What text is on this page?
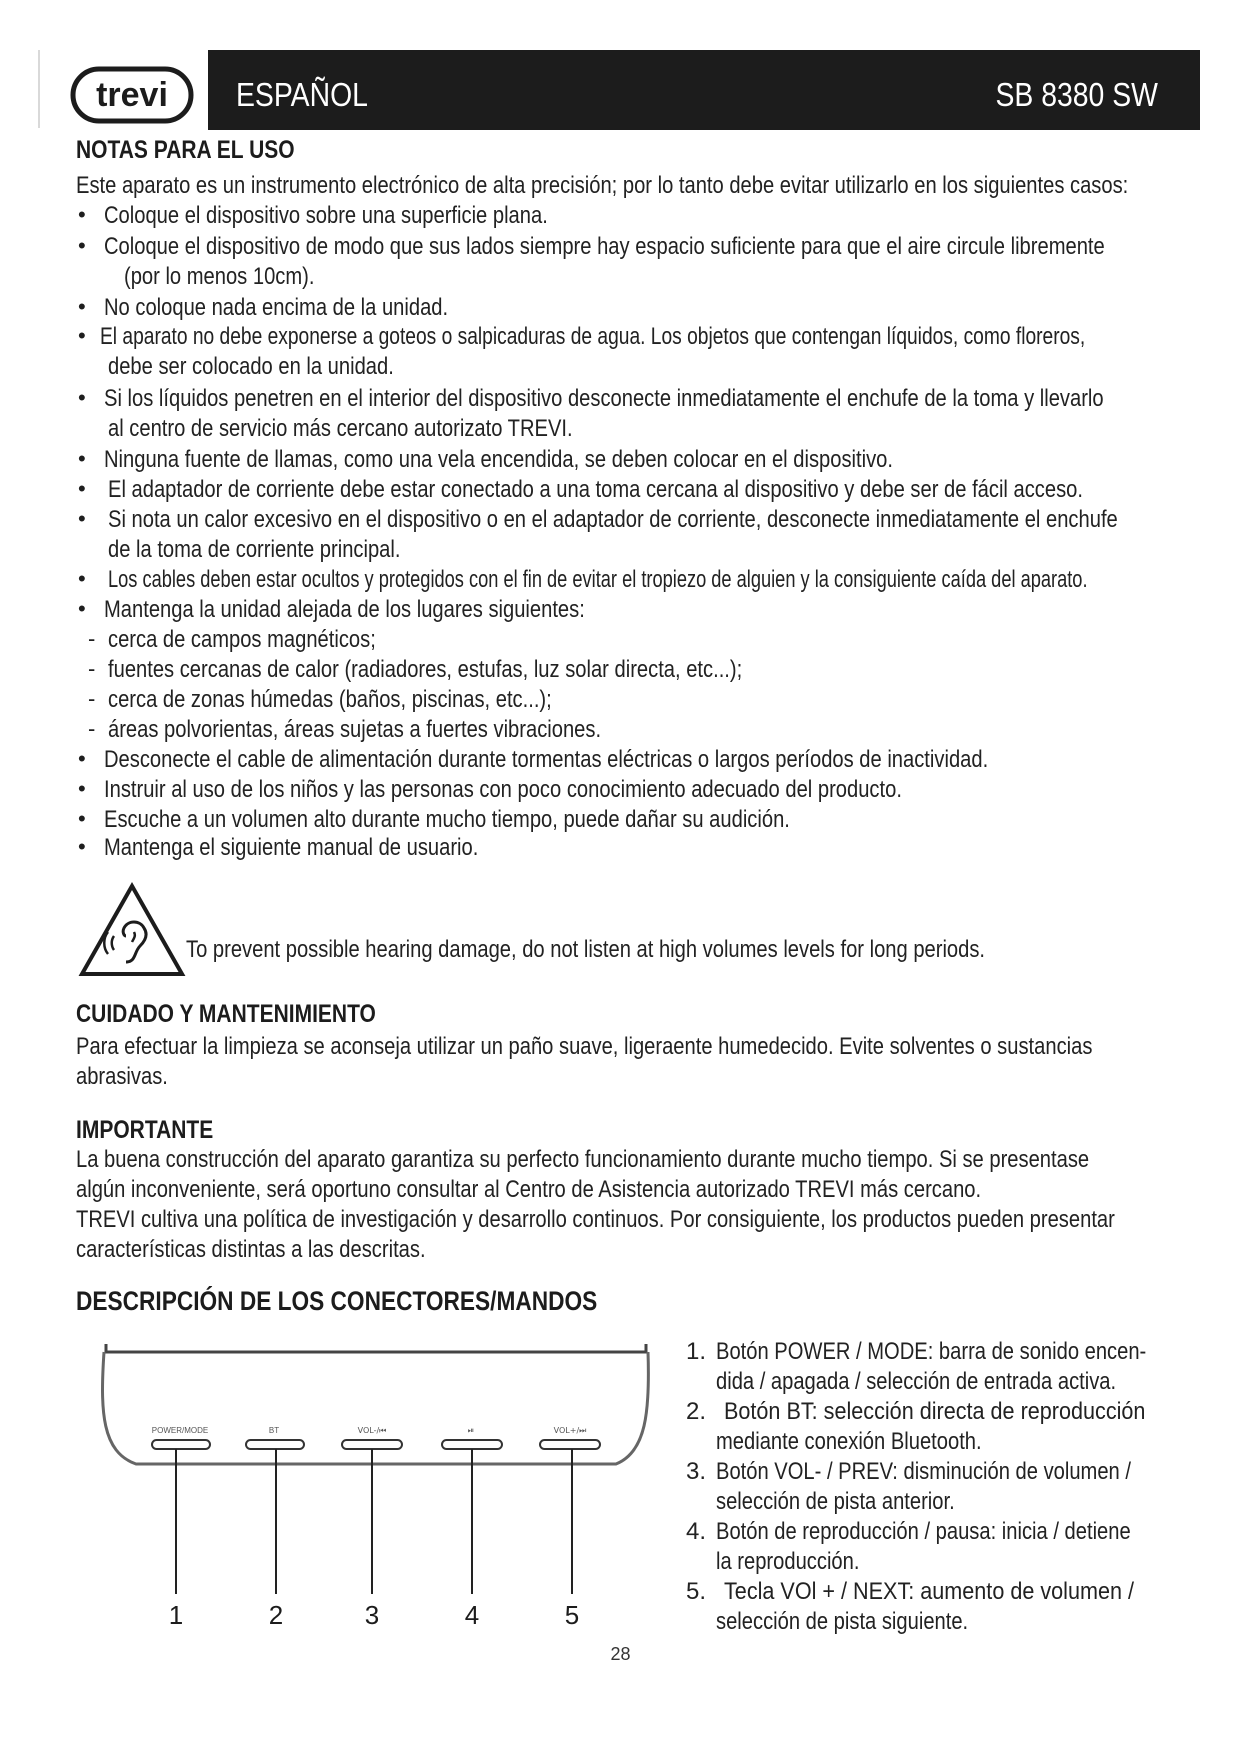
trevi ESPAÑOL	SB 8380 SW
NOTAS PARA EL USO
Este aparato es un instrumento electrónico de alta precisión; por lo tanto debe evitar utilizarlo en los siguientes casos:
• Coloque el dispositivo sobre una superficie plana.
• Coloque el dispositivo de modo que sus lados siempre hay espacio suficiente para que el aire circule libremente
(por lo menos 10cm).
• No coloque nada encima de la unidad.
• El aparato no debe exponerse a goteos o salpicaduras de agua. Los objetos que contengan líquidos, como floreros,
debe ser colocado en la unidad.
• Si los líquidos penetren en el interior del dispositivo desconecte inmediatamente el enchufe de la toma y llevarlo
al centro de servicio más cercano autorizato TREVI.
• Ninguna fuente de llamas, como una vela encendida, se deben colocar en el dispositivo.
• El adaptador de corriente debe estar conectado a una toma cercana al dispositivo y debe ser de fácil acceso.
• Si nota un calor excesivo en el dispositivo o en el adaptador de corriente, desconecte inmediatamente el enchufe
de la toma de corriente principal.
• Los cables deben estar ocultos y protegidos con el fin de evitar el tropiezo de alguien y la consiguiente caída del aparato.
• Mantenga la unidad alejada de los lugares siguientes:
- cerca de campos magnéticos;
- fuentes cercanas de calor (radiadores, estufas, luz solar directa, etc...);
- cerca de zonas húmedas (baños, piscinas, etc...);
- áreas polvorientas, áreas sujetas a fuertes vibraciones.
• Desconecte el cable de alimentación durante tormentas eléctricas o largos períodos de inactividad.
• Instruir al uso de los niños y las personas con poco conocimiento adecuado del producto.
• Escuche a un volumen alto durante mucho tiempo, puede dañar su audición.
• Mantenga el siguiente manual de usuario.
To prevent possible hearing damage, do not listen at high volumes levels for long periods.
CUIDADO Y MANTENIMIENTO
Para efectuar la limpieza se aconseja utilizar un paño suave, ligeraente humedecido. Evite solventes o sustancias
abrasivas.
IMPORTANTE
La buena construcción del aparato garantiza su perfecto funcionamiento durante mucho tiempo. Si se presentase
algún inconveniente, será oportuno consultar al Centro de Asistencia autorizado TREVI más cercano.
TREVI cultiva una política de investigación y desarrollo continuos. Por consiguiente, los productos pueden presentar
características distintas a las descritas.
DESCRIPCIÓN DE LOS CONECTORES/MANDOS
POWER/MODE	BT	VOL-/⏮	⏯	VOL+/⏭
1	2	3	4	5
1. Botón POWER / MODE: barra de sonido encen-
dida / apagada / selección de entrada activa.
2. Botón BT: selección directa de reproducción
mediante conexión Bluetooth.
3. Botón VOL- / PREV: disminución de volumen /
selección de pista anterior.
4. Botón de reproducción / pausa: inicia / detiene
la reproducción.
5. Tecla VOl + / NEXT: aumento de volumen /
selección de pista siguiente.
28
